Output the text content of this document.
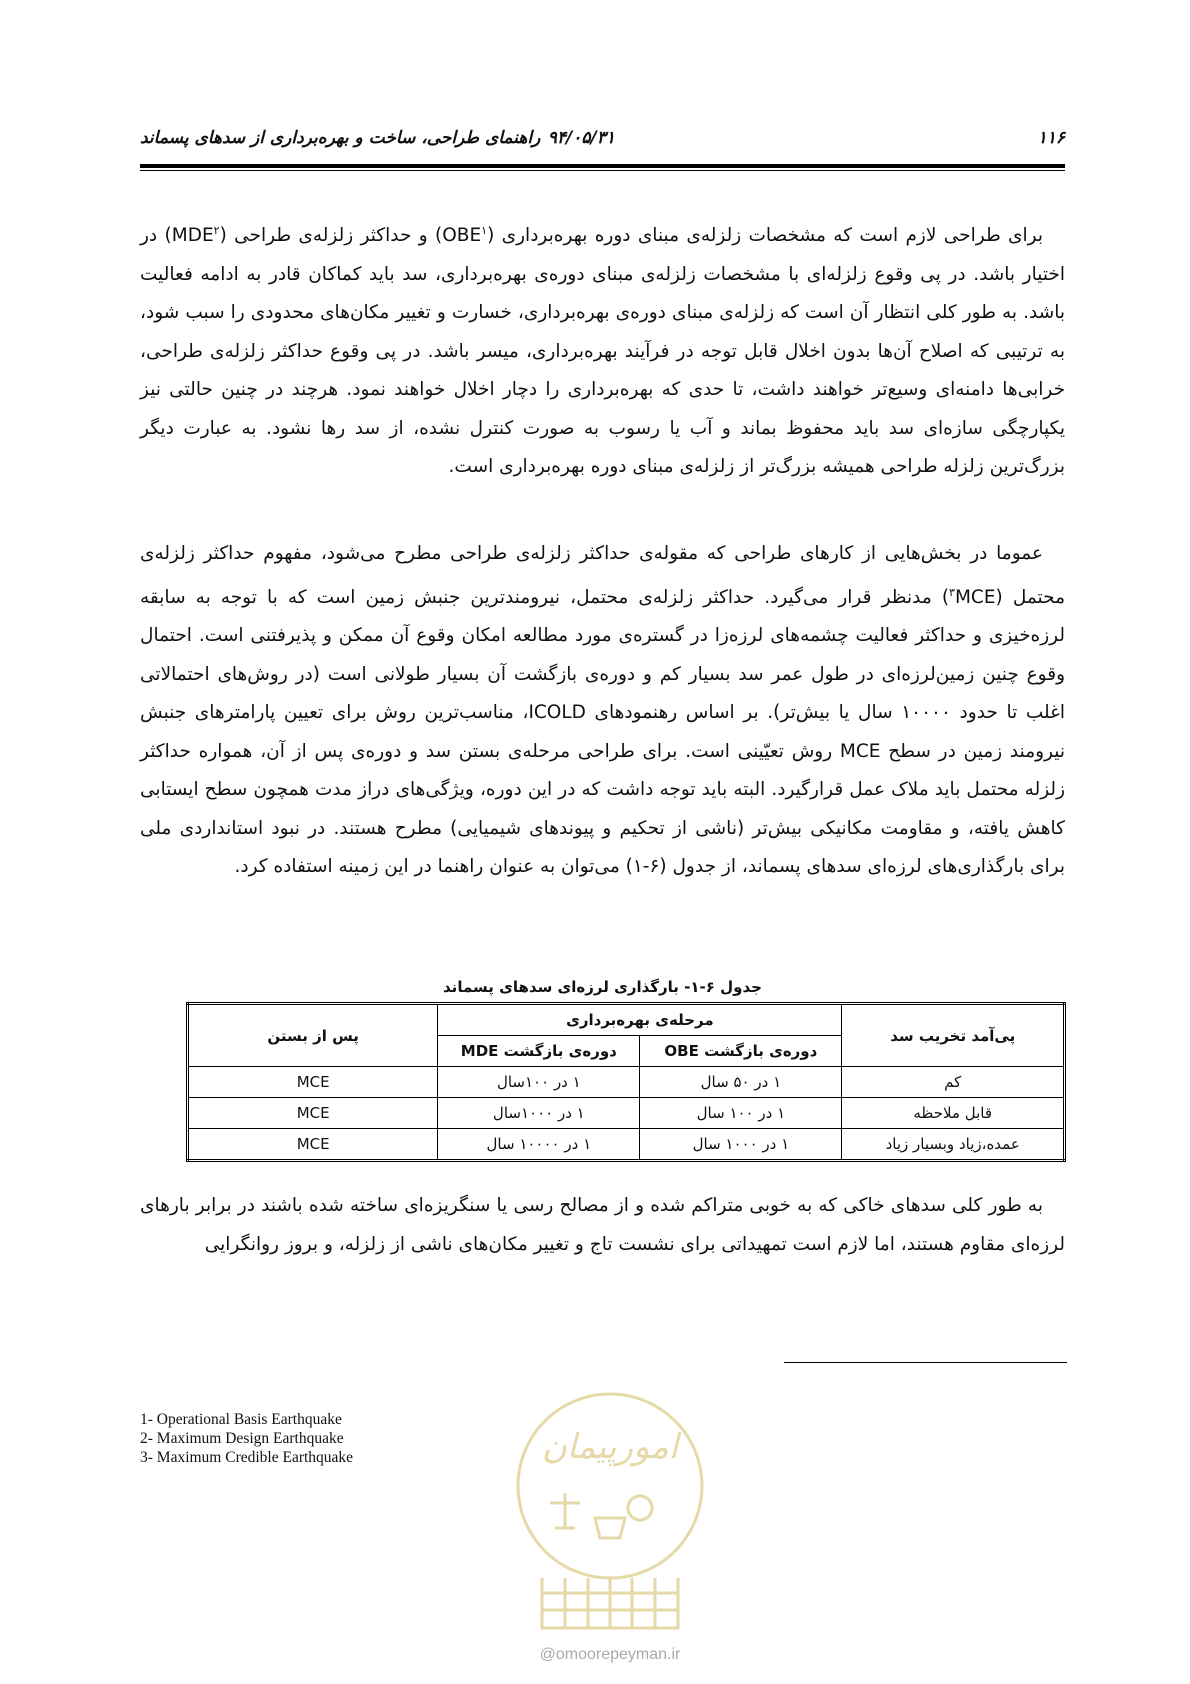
۱۱۶
۹۴/۰۵/۳۱
راهنمای طراحی، ساخت و بهره‌برداری از سدهای پسماند
برای طراحی لازم است که مشخصات زلزله‌ی مبنای دوره بهره‌برداری (OBE$^۱$) و حداکثر زلزله‌ی طراحی (MDE$^۲$) در اختیار باشد. در پی وقوع زلزله‌ای با مشخصات زلزله‌ی مبنای دوره‌ی بهره‌برداری، سد باید کماکان قادر به ادامه فعالیت باشد. به طور کلی انتظار آن است که زلزله‌ی مبنای دوره‌ی بهره‌برداری، خسارت و تغییر مکان‌های محدودی را سبب شود، به ترتیبی که اصلاح آن‌ها بدون اخلال قابل توجه در فرآیند بهره‌برداری، میسر باشد. در پی وقوع حداکثر زلزله‌ی طراحی، خرابی‌ها دامنه‌ای وسیع‌تر خواهند داشت، تا حدی که بهره‌برداری را دچار اخلال خواهند نمود. هرچند در چنین حالتی نیز یکپارچگی سازه‌ای سد باید محفوظ بماند و آب یا رسوب به صورت کنترل نشده، از سد رها نشود. به عبارت دیگر بزرگ‌ترین زلزله طراحی همیشه بزرگ‌تر از زلزله‌ی مبنای دوره بهره‌برداری است.
عموما در بخش‌هایی از کارهای طراحی که مقوله‌ی حداکثر زلزله‌ی طراحی مطرح می‌شود، مفهوم حداکثر زلزله‌ی محتمل ($^۳$MCE) مدنظر قرار می‌گیرد. حداکثر زلزله‌ی محتمل، نیرومندترین جنبش زمین است که با توجه به سابقه لرزه‌خیزی و حداکثر فعالیت چشمه‌های لرزه‌زا در گستره‌ی مورد مطالعه امکان وقوع آن ممکن و پذیرفتنی است. احتمال وقوع چنین زمین‌لرزه‌ای در طول عمر سد بسیار کم و دوره‌ی بازگشت آن بسیار طولانی است (در روش‌های احتمالاتی اغلب تا حدود ۱۰۰۰۰ سال یا بیش‌تر). بر اساس رهنمودهای ICOLD، مناسب‌ترین روش برای تعیین پارامترهای جنبش نیرومند زمین در سطح MCE روش تعیّینی است. برای طراحی مرحله‌ی بستن سد و دوره‌ی پس از آن، همواره حداکثر زلزله محتمل باید ملاک عمل قرارگیرد. البته باید توجه داشت که در این دوره، ویژگی‌های دراز مدت همچون سطح ایستابی کاهش یافته، و مقاومت مکانیکی بیش‌تر (ناشی از تحکیم و پیوندهای شیمیایی) مطرح هستند. در نبود استانداردی ملی برای بارگذاری‌های لرزه‌ای سدهای پسماند، از جدول (۶-۱) می‌توان به عنوان راهنما در این زمینه استفاده کرد.
جدول ۶-۱- بارگذاری لرزه‌ای سدهای پسماند
پی‌آمد تخریب سد	مرحله‌ی بهره‌برداری		پس از بستن
	دوره‌ی بازگشت OBE	دوره‌ی بازگشت MDE	
کم	۱ در ۵۰ سال	۱ در ۱۰۰سال	MCE
قابل ملاحظه	۱ در ۱۰۰ سال	۱ در ۱۰۰۰سال	MCE
عمده،زیاد وبسیار زیاد	۱ در ۱۰۰۰ سال	۱ در ۱۰۰۰۰ سال	MCE
به طور کلی سدهای خاکی که به خوبی متراکم شده و از مصالح رسی یا سنگریزه‌ای ساخته شده باشند در برابر بارهای لرزه‌ای مقاوم هستند، اما لازم است تمهیداتی برای نشست تاج و تغییر مکان‌های ناشی از زلزله، و بروز روانگرایی
1- Operational Basis Earthquake
2- Maximum Design Earthquake
3- Maximum Credible Earthquake	امورپیمان
@omoorepeyman.ir
